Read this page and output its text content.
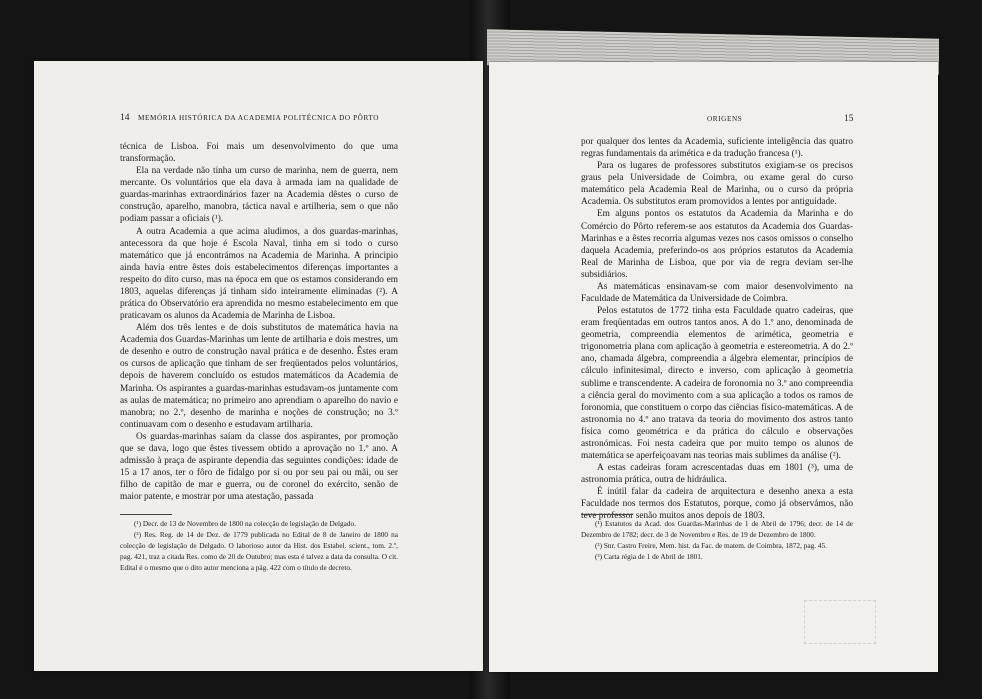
14 MEMÓRIA HISTÓRICA DA ACADEMIA POLITÉCNICA DO PÔRTO

técnica de Lisboa. Foi mais um desenvolvimento do que uma transformação.

Ela na verdade não tinha um curso de marinha, nem de guerra, nem mercante. Os voluntários que ela dava à armada iam na qualidade de guardas-marinhas extraordinários fazer na Academia dêstes o curso de construção, aparelho, manobra, táctica naval e artilheria, sem o que não podiam passar a oficiais (¹).

A outra Academia a que acima aludimos, a dos guardas-marinhas, antecessora da que hoje é Escola Naval, tinha em si todo o curso matemático que já encontrámos na Academia de Marinha. A principio ainda havia entre êstes dois estabelecimentos diferenças importantes a respeito do dito curso, mas na época em que os estamos considerando em 1803, aquelas diferenças já tinham sido inteiramente eliminadas (²). A prática do Observatório era aprendida no mesmo estabelecimento em que praticavam os alunos da Academia de Marinha de Lisboa.

Além dos três lentes e de dois substitutos de matemática havia na Academia dos Guardas-Marinhas um lente de artilharia e dois mestres, um de desenho e outro de construção naval prática e de desenho. Êstes eram os cursos de aplicação que tinham de ser freqüentados pelos voluntários, depois de haverem concluído os estudos matemáticos da Academia de Marinha. Os aspirantes a guardas-marinhas estudavam-os juntamente com as aulas de matemática; no primeiro ano aprendiam o aparelho do navio e manobra; no 2.º, desenho de marinha e noções de construção; no 3.º continuavam com o desenho e estudavam artilharia.

Os guardas-marinhas saíam da classe dos aspirantes, por promoção que se dava, logo que êstes tivessem obtido a aprovação no 1.º ano. A admissão à praça de aspirante dependia das seguintes condições: idade de 15 a 17 anos, ter o fôro de fidalgo por si ou por seu pai ou mãi, ou ser filho de capitão de mar e guerra, ou de coronel do exército, senão de maior patente, e mostrar por uma atestação, passada

(¹) Decr. de 13 de Novembro de 1800 na colecção de legislação de Delgado.

(²) Res. Reg. de 14 de Dez. de 1779 publicada no Edital de 8 de Janeiro de 1800 na colecção de legislação de Delgado. O laborioso autor da Hist. dos Estabel. scient., tom. 2.º, pag. 421, traz a citada Res. como de 20 de Outubro; mas esta é talvez a data da consulta. O cit. Edital é o mesmo que o dito autor menciona a pág. 422 com o título de decreto.

ORIGENS	15

por qualquer dos lentes da Academia, suficiente inteligência das quatro regras fundamentais da arimética e da tradução francesa (¹).

Para os lugares de professores substitutos exigiam-se os precisos graus pela Universidade de Coimbra, ou exame geral do curso matemático pela Academia Real de Marinha, ou o curso da própria Academia. Os substitutos eram promovidos a lentes por antiguidade.

Em alguns pontos os estatutos da Academia da Marinha e do Comércio do Pôrto referem-se aos estatutos da Academia dos Guardas-Marinhas e a êstes recorria algumas vezes nos casos omissos o conselho daquela Academia, preferindo-os aos próprios estatutos da Academia Real de Marinha de Lisboa, que por via de regra deviam ser-lhe subsidiários.

As matemáticas ensinavam-se com maior desenvolvimento na Faculdade de Matemática da Universidade de Coimbra.

Pelos estatutos de 1772 tinha esta Faculdade quatro cadeiras, que eram freqüentadas em outros tantos anos. A do 1.º ano, denominada de geometria, compreendia elementos de arimética, geometria e trigonometria plana com aplicação à geometria e estereometria. A do 2.º ano, chamada álgebra, compreendia a álgebra elementar, princípios de cálculo infinitesimal, directo e inverso, com aplicação à geometria sublime e transcendente. A cadeira de foronomia no 3.º ano compreendia a ciência geral do movimento com a sua aplicação a todos os ramos de foronomia, que constituem o corpo das ciências físico-matemáticas. A de astronomia no 4.º ano tratava da teoria do movimento dos astros tanto física como geométrica e da prática do cálculo e observações astronómicas. Foi nesta cadeira que por muito tempo os alunos de matemática se aperfeiçoavam nas teorias mais sublimes da análise (²).

A estas cadeiras foram acrescentadas duas em 1801 (³), uma de astronomia prática, outra de hidráulica.

É inútil falar da cadeira de arquitectura e desenho anexa a esta Faculdade nos termos dos Estatutos, porque, como já observámos, não teve professor senão muitos anos depois de 1803.

(¹) Estatutos da Acad. dos Guardas-Marinhas de 1 de Abril de 1796; decr. de 14 de Dezembro de 1782; decr. de 3 de Novembro e Res. de 19 de Dezembro de 1800.

(²) Snr. Castro Freire, Mem. hist. da Fac. de matem. de Coimbra, 1872, pag. 45.

(³) Carta régia de 1 de Abril de 1801.
